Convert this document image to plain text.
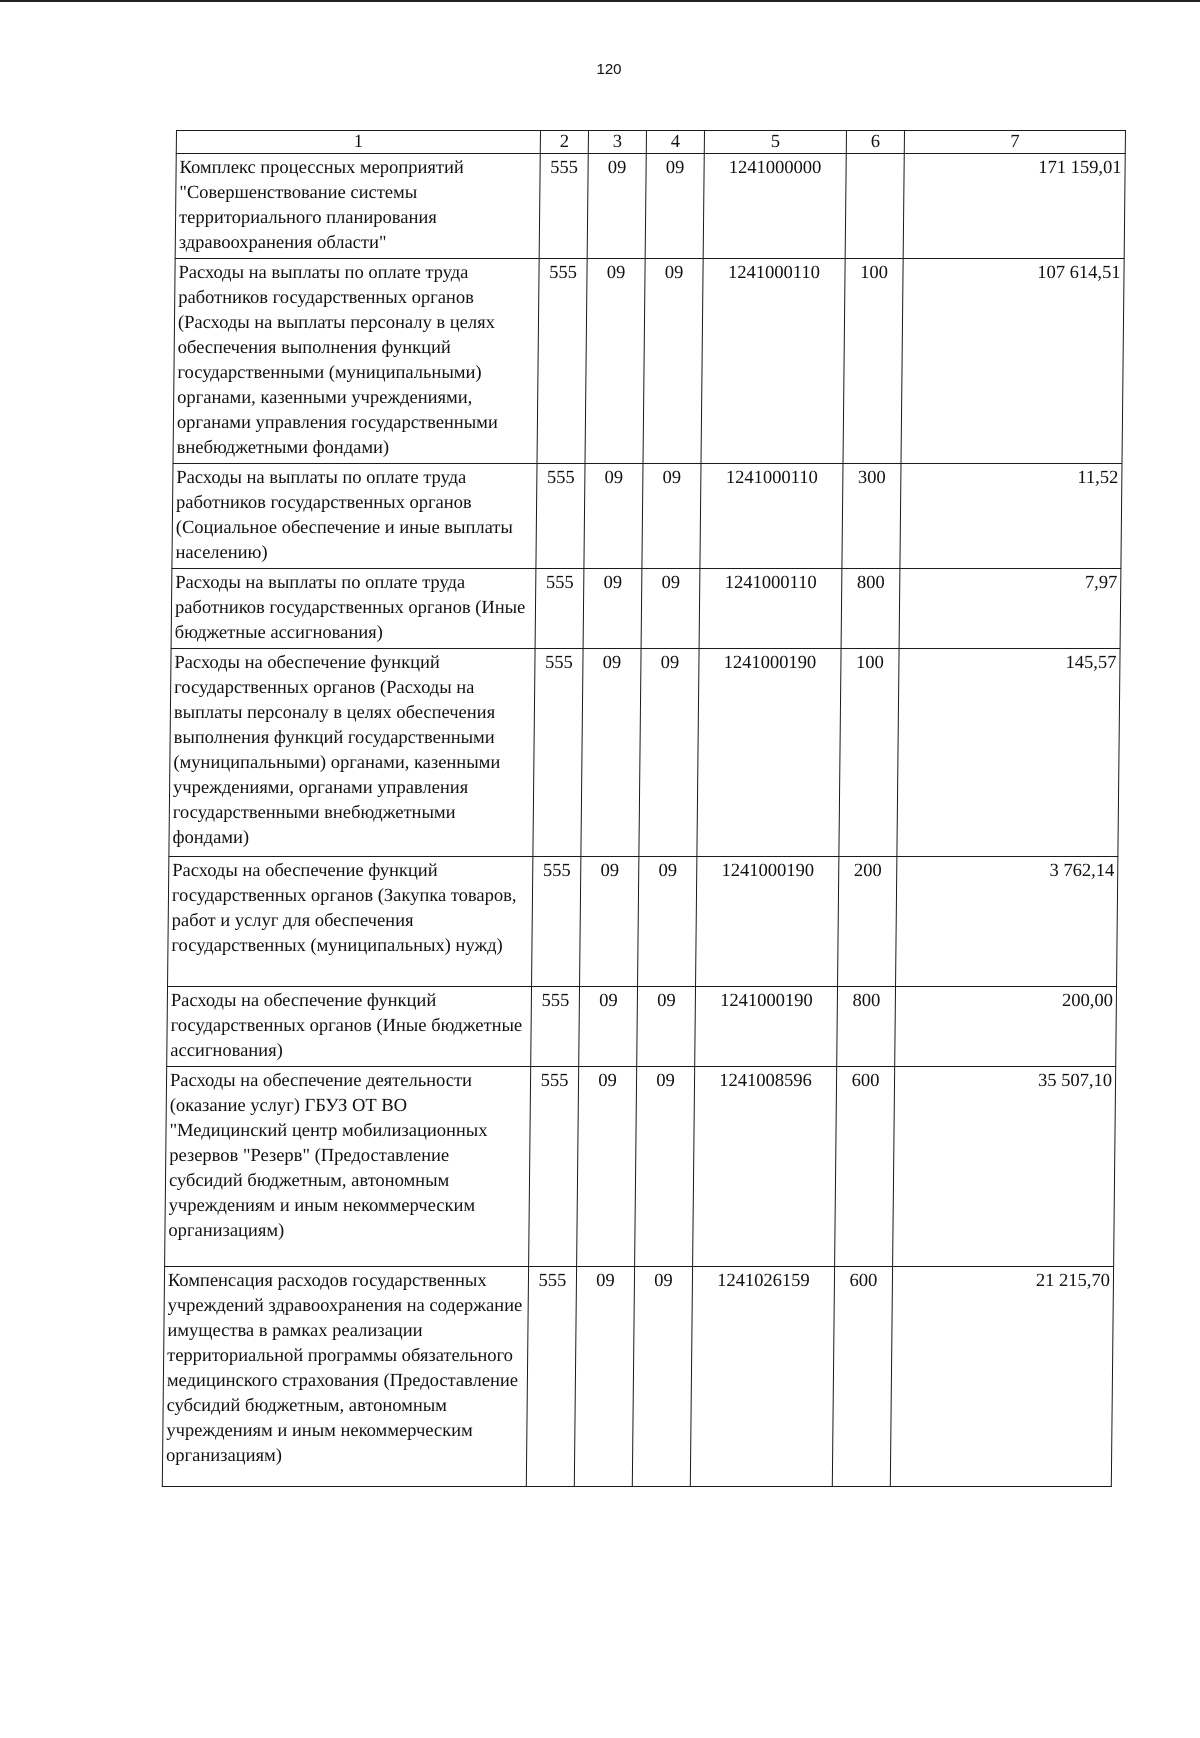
120
1	2	3	4	5	6	7
Комплекс процессных мероприятий "Совершенствование системы территориального планирования здравоохранения области"	555	09	09	1241000000		171 159,01
Расходы на выплаты по оплате труда работников государственных органов (Расходы на выплаты персоналу в целях обеспечения выполнения функций государственными (муниципальными) органами, казенными учреждениями, органами управления государственными внебюджетными фондами)	555	09	09	1241000110	100	107 614,51
Расходы на выплаты по оплате труда работников государственных органов (Социальное обеспечение и иные выплаты населению)	555	09	09	1241000110	300	11,52
Расходы на выплаты по оплате труда работников государственных органов (Иные бюджетные ассигнования)	555	09	09	1241000110	800	7,97
Расходы на обеспечение функций государственных органов (Расходы на выплаты персоналу в целях обеспечения выполнения функций государственными (муниципальными) органами, казенными учреждениями, органами управления государственными внебюджетными фондами)	555	09	09	1241000190	100	145,57
Расходы на обеспечение функций государственных органов (Закупка товаров, работ и услуг для обеспечения государственных (муниципальных) нужд)	555	09	09	1241000190	200	3 762,14
Расходы на обеспечение функций государственных органов (Иные бюджетные ассигнования)	555	09	09	1241000190	800	200,00
Расходы на обеспечение деятельности (оказание услуг) ГБУЗ ОТ ВО "Медицинский центр мобилизационных резервов "Резерв" (Предоставление субсидий бюджетным, автономным учреждениям и иным некоммерческим организациям)	555	09	09	1241008596	600	35 507,10
Компенсация расходов государственных учреждений здравоохранения на содержание имущества в рамках реализации территориальной программы обязательного медицинского страхования (Предоставление субсидий бюджетным, автономным учреждениям и иным некоммерческим организациям)	555	09	09	1241026159	600	21 215,70
